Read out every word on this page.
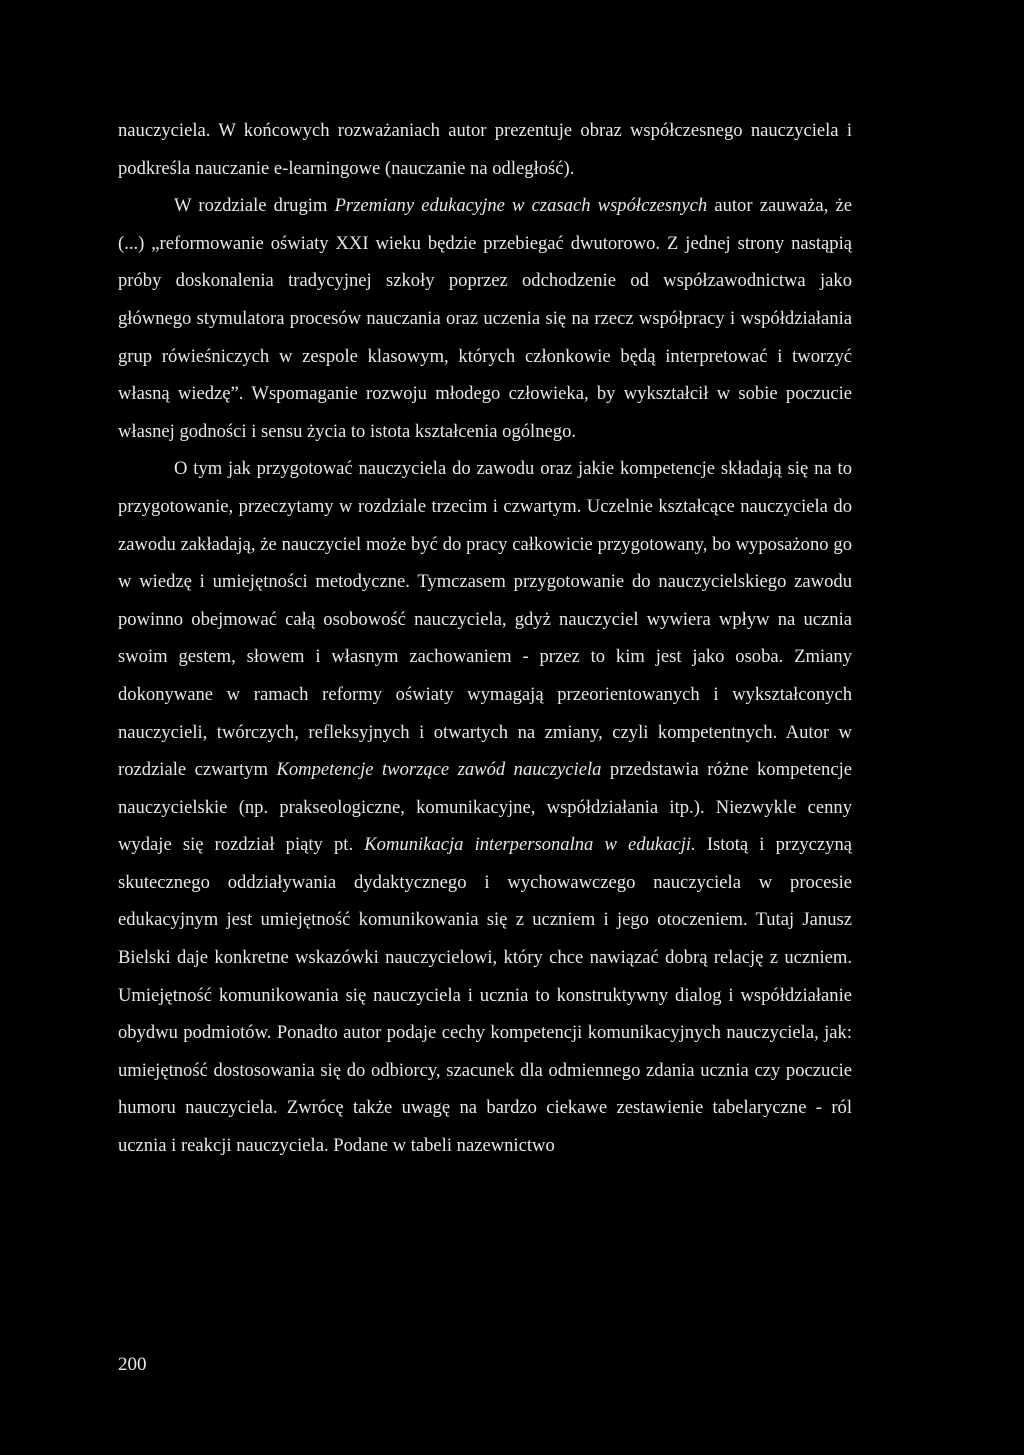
nauczyciela. W końcowych rozważaniach autor prezentuje obraz współczesnego nauczyciela i podkreśla nauczanie e-learningowe (nauczanie na odległość).

W rozdziale drugim Przemiany edukacyjne w czasach współczesnych autor zauważa, że (...) „reformowanie oświaty XXI wieku będzie przebiegać dwutorowo. Z jednej strony nastąpią próby doskonalenia tradycyjnej szkoły poprzez odchodzenie od współzawodnictwa jako głównego stymulatora procesów nauczania oraz uczenia się na rzecz współpracy i współdziałania grup rówieśniczych w zespole klasowym, których członkowie będą interpretować i tworzyć własną wiedzę”. Wspomaganie rozwoju młodego człowieka, by wykształcił w sobie poczucie własnej godności i sensu życia to istota kształcenia ogólnego.

O tym jak przygotować nauczyciela do zawodu oraz jakie kompetencje składają się na to przygotowanie, przeczytamy w rozdziale trzecim i czwartym. Uczelnie kształcące nauczyciela do zawodu zakładają, że nauczyciel może być do pracy całkowicie przygotowany, bo wyposażono go w wiedzę i umiejętności metodyczne. Tymczasem przygotowanie do nauczycielskiego zawodu powinno obejmować całą osobowość nauczyciela, gdyż nauczyciel wywiera wpływ na ucznia swoim gestem, słowem i własnym zachowaniem - przez to kim jest jako osoba. Zmiany dokonywane w ramach reformy oświaty wymagają przeorientowanych i wykształconych nauczycieli, twórczych, refleksyjnych i otwartych na zmiany, czyli kompetentnych. Autor w rozdziale czwartym Kompetencje tworzące zawód nauczyciela przedstawia różne kompetencje nauczycielskie (np. prakseologiczne, komunikacyjne, współdziałania itp.). Niezwykle cenny wydaje się rozdział piąty pt. Komunikacja interpersonalna w edukacji. Istotą i przyczyną skutecznego oddziaływania dydaktycznego i wychowawczego nauczyciela w procesie edukacyjnym jest umiejętność komunikowania się z uczniem i jego otoczeniem. Tutaj Janusz Bielski daje konkretne wskazówki nauczycielowi, który chce nawiązać dobrą relację z uczniem. Umiejętność komunikowania się nauczyciela i ucznia to konstruktywny dialog i współdziałanie obydwu podmiotów. Ponadto autor podaje cechy kompetencji komunikacyjnych nauczyciela, jak: umiejętność dostosowania się do odbiorcy, szacunek dla odmiennego zdania ucznia czy poczucie humoru nauczyciela. Zwrócę także uwagę na bardzo ciekawe zestawienie tabelaryczne - ról ucznia i reakcji nauczyciela. Podane w tabeli nazewnictwo

200
